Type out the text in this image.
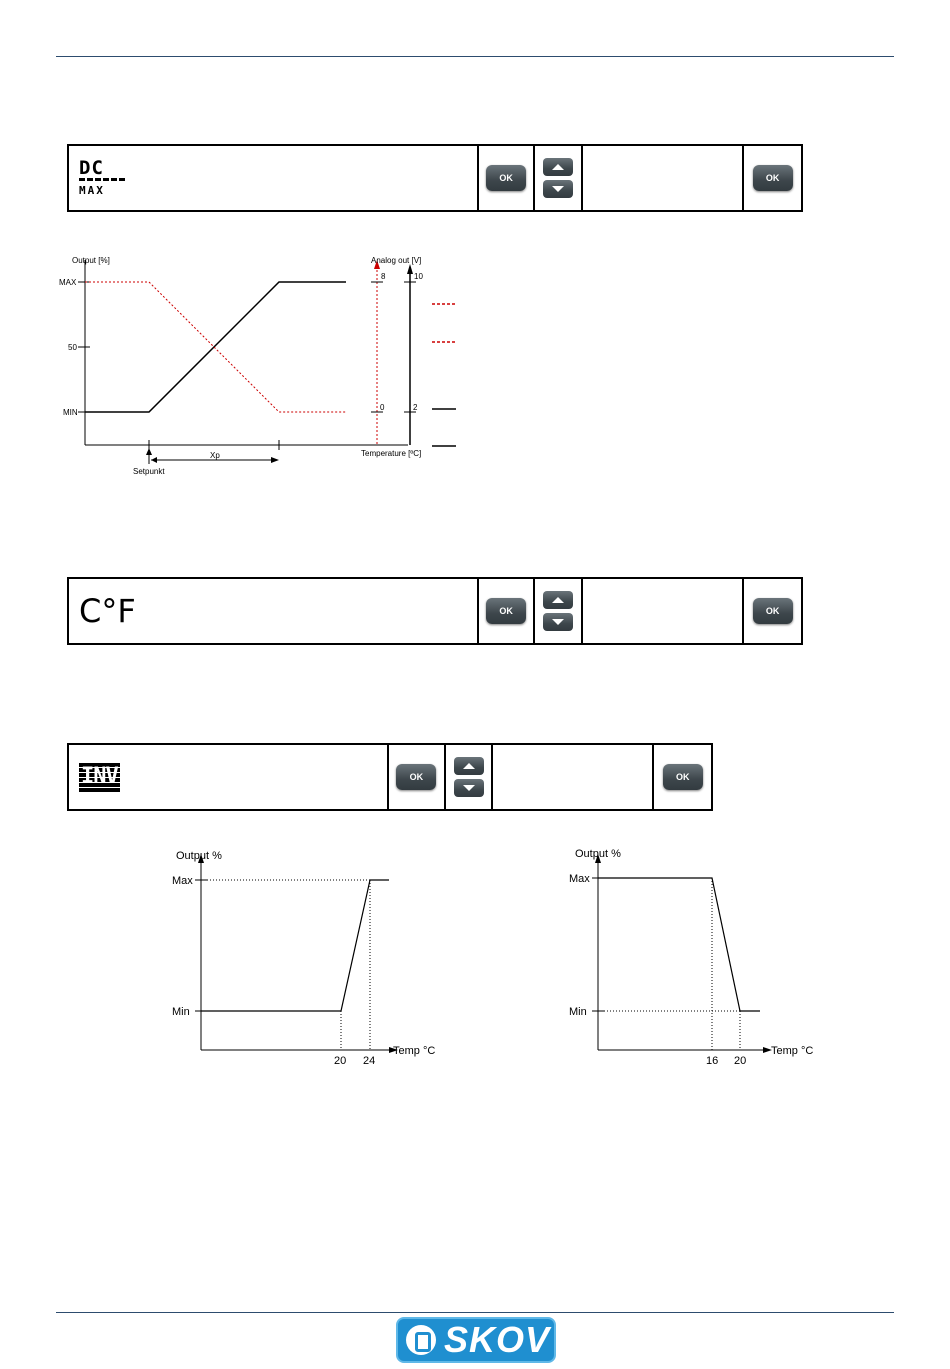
DC
MAX
OK	OK
Output [%]
MAX
50
MIN
Analog out [V]
8
0
10
2
Temperature [ºC]
Xp
Setpunkt
C°F	OK	OK
INV	OK	OK
Output %
Max
Min
20 24
Temp °C
Output %
Max
Min
16 20
Temp °C
SKOV
